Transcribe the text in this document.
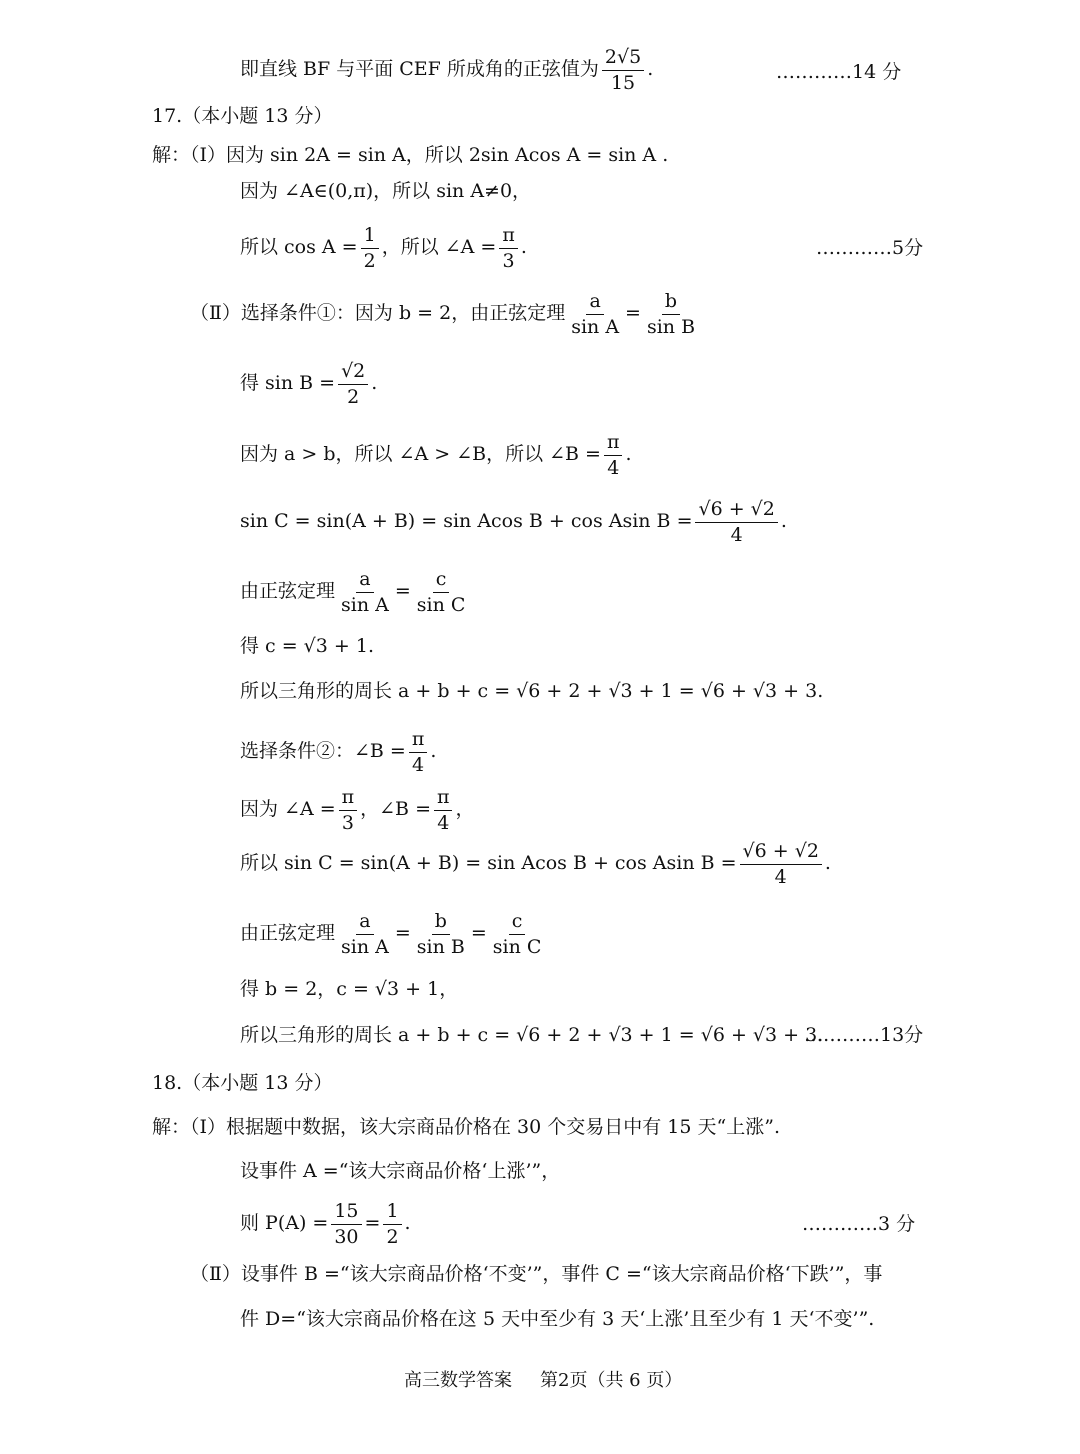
即直线 BF 与平面 CEF 所成角的正弦值为 $\frac{2√5}{15}$ .	…………14 分
17.（本小题 13 分）
解：（Ⅰ）因为 sin 2A = sin A，所以 2sin Acos A = sin A .
因为 ∠A∈(0,π)，所以 sin A≠0，
所以 $\cos A = \frac{1}{2}$ ，所以 ∠A = $\frac{\pi}{3}$ .	…………5分
（Ⅱ）选择条件①：因为 b = 2，由正弦定理 $\frac{a}{\text{sin A}} = \frac{b}{\text{sin B}}$
得 $\sin B = \frac{√2}{2}$ .
因为 a > b，所以 ∠A > ∠B，所以 ∠B = $\frac{\pi}{4}$ .
sin C = sin(A + B) = sin Acos B + cos Asin $B = \frac{√6 + √2}{4}$ .
由正弦定理 $\frac{a}{\text{sin A}} = \frac{c}{\text{sin C}}$
得 c = √3 + 1.
所以三角形的周长 a + b + c = √6 + 2 + √3 + 1 = √6 + √3 + 3.
选择条件②：∠B = $\frac{\pi}{4}$ .
因为 ∠A = $\frac{\pi}{3}$ ，∠B = $\frac{\pi}{4}$ ，
所以 sin C = sin(A + B) = sin Acos B + cos Asin $B = \frac{√6 + √2}{4}$ .
由正弦定理 $\frac{a}{\text{sin A}} = \frac{b}{\text{sin B}} = \frac{c}{\text{sin C}}$
得 b = 2，c = √3 + 1，
所以三角形的周长 a + b + c = √6 + 2 + √3 + 1 = √6 + √3 + 3.
…………13分
18.（本小题 13 分）
解：（Ⅰ）根据题中数据，该大宗商品价格在 30 个交易日中有 15 天“上涨”.
设事件 A =“该大宗商品价格‘上涨’”，
则 $P(A) = \frac{15}{30} = \frac{1}{2}$ .	…………3 分
（Ⅱ）设事件 B =“该大宗商品价格‘不变’”，事件 C =“该大宗商品价格‘下跌’”，事
件 D=“该大宗商品价格在这 5 天中至少有 3 天‘上涨’且至少有 1 天‘不变’”.
高三数学答案 第2页（共 6 页）
